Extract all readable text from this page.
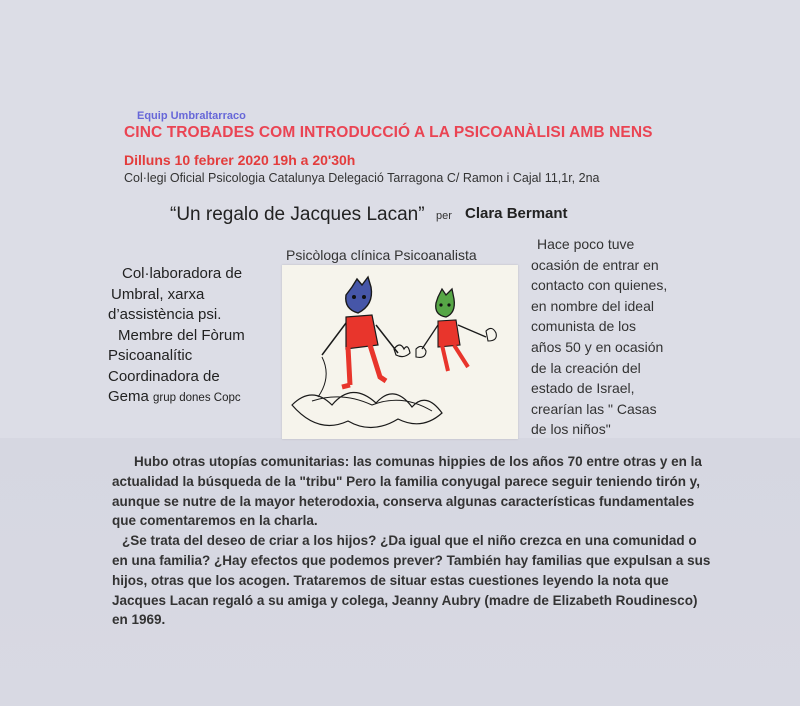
Equip Umbraltarraco
CINC TROBADES COM INTRODUCCIÓ A LA PSICOANÀLISI AMB NENS
Dilluns 10 febrer 2020 19h a 20'30h
Col·legi Oficial Psicologia Catalunya Delegació Tarragona C/ Ramon i Cajal 11,1r, 2na
“Un regalo de Jacques Lacan” per Clara Bermant
Psicòloga clínica Psicoanalista
Col·laboradora de
Umbral, xarxa
d’assistència psi.
Membre del Fòrum
Psicoanalític
Coordinadora de
Gema grup dones Copc
Hace poco tuve
ocasión de entrar en
contacto con quienes,
en nombre del ideal
comunista de los
años 50 y en ocasión
de la creación del
estado de Israel,
crearían las " Casas
de los niños"

Hubo otras utopías comunitarias: las comunas hippies de los años 70 entre otras y en la actualidad la búsqueda de la "tribu" Pero la familia conyugal parece seguir teniendo tirón y, aunque se nutre de la mayor heterodoxia, conserva algunas características fundamentales que comentaremos en la charla.

¿Se trata del deseo de criar a los hijos? ¿Da igual que el niño crezca en una comunidad o en una familia? ¿Hay efectos que podemos prever? También hay familias que expulsan a sus hijos, otras que los acogen. Trataremos de situar estas cuestiones leyendo la nota que Jacques Lacan regaló a su amiga y colega, Jeanny Aubry (madre de Elizabeth Roudinesco) en 1969.
